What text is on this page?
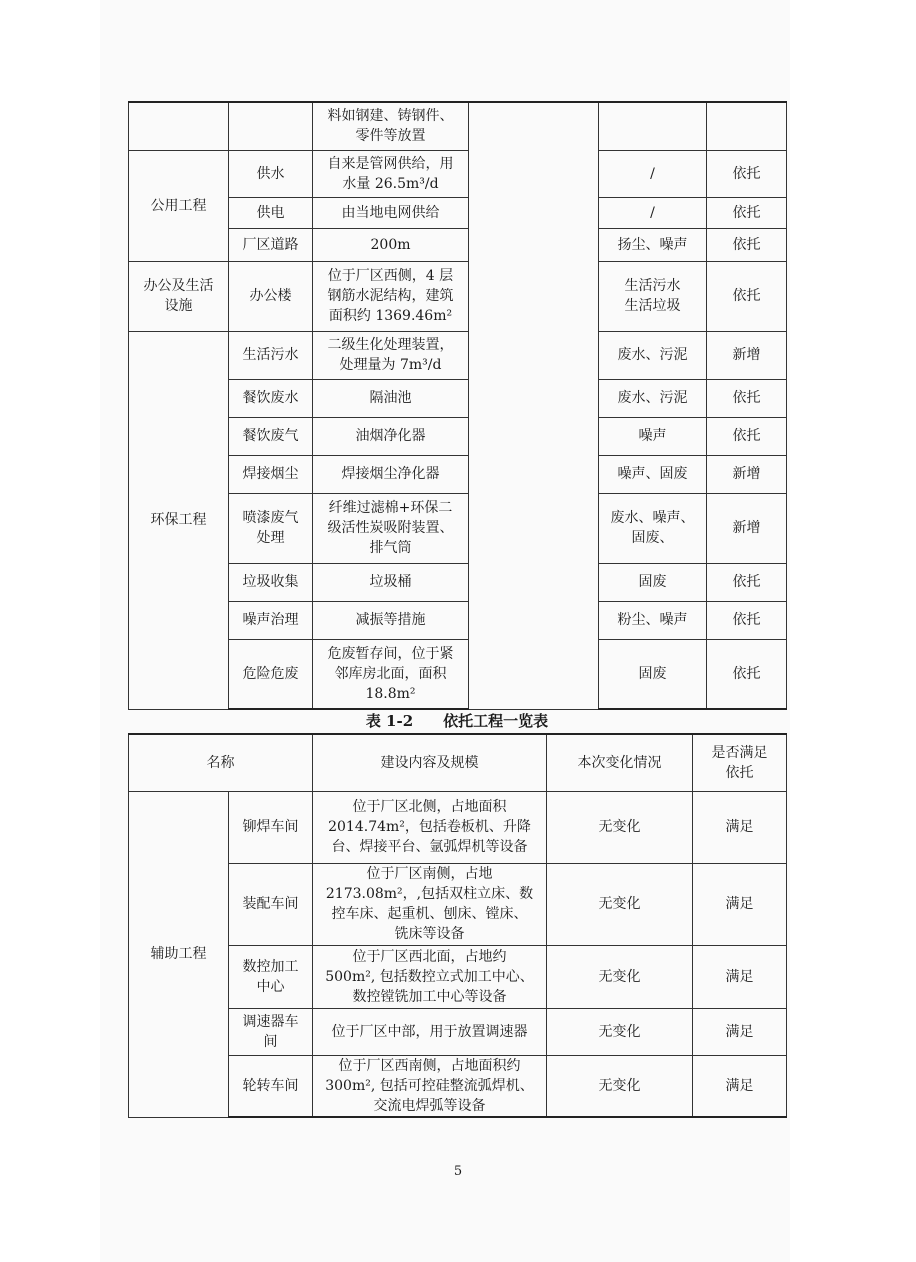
		料如钢建、铸钢件、
零件等放置			
公用工程	供水	自来是管网供给，用
水量 26.5m³/d		/	依托
	供电	由当地电网供给		/	依托
	厂区道路	200m		扬尘、噪声	依托
办公及生活
设施	办公楼	位于厂区西侧，4 层
钢筋水泥结构，建筑
面积约 1369.46m²		生活污水
生活垃圾	依托
环保工程	生活污水	二级生化处理装置，
处理量为 7m³/d		废水、污泥	新增
	餐饮废水	隔油池		废水、污泥	依托
	餐饮废气	油烟净化器		噪声	依托
	焊接烟尘	焊接烟尘净化器		噪声、固废	新增
	喷漆废气
处理	纤维过滤棉+环保二
级活性炭吸附装置、
排气筒		废水、噪声、
固废、	新增
	垃圾收集	垃圾桶		固废	依托
	噪声治理	减振等措施		粉尘、噪声	依托
	危险危废	危废暂存间，位于紧
邻库房北面，面积
18.8m²		固废	依托
表 1-2　　依托工程一览表
名称		建设内容及规模	本次变化情况	是否满足
依托
辅助工程	铆焊车间	位于厂区北侧，占地面积
2014.74m²，包括卷板机、升降
台、焊接平台、氩弧焊机等设备	无变化	满足
	装配车间	位于厂区南侧，占地
2173.08m²，,包括双柱立床、数
控车床、起重机、刨床、镗床、
铣床等设备	无变化	满足
	数控加工
中心	位于厂区西北面，占地约
500m², 包括数控立式加工中心、
数控镗铣加工中心等设备	无变化	满足
	调速器车
间	位于厂区中部，用于放置调速器	无变化	满足
	轮转车间	位于厂区西南侧，占地面积约
300m², 包括可控硅整流弧焊机、
交流电焊弧等设备	无变化	满足
5
